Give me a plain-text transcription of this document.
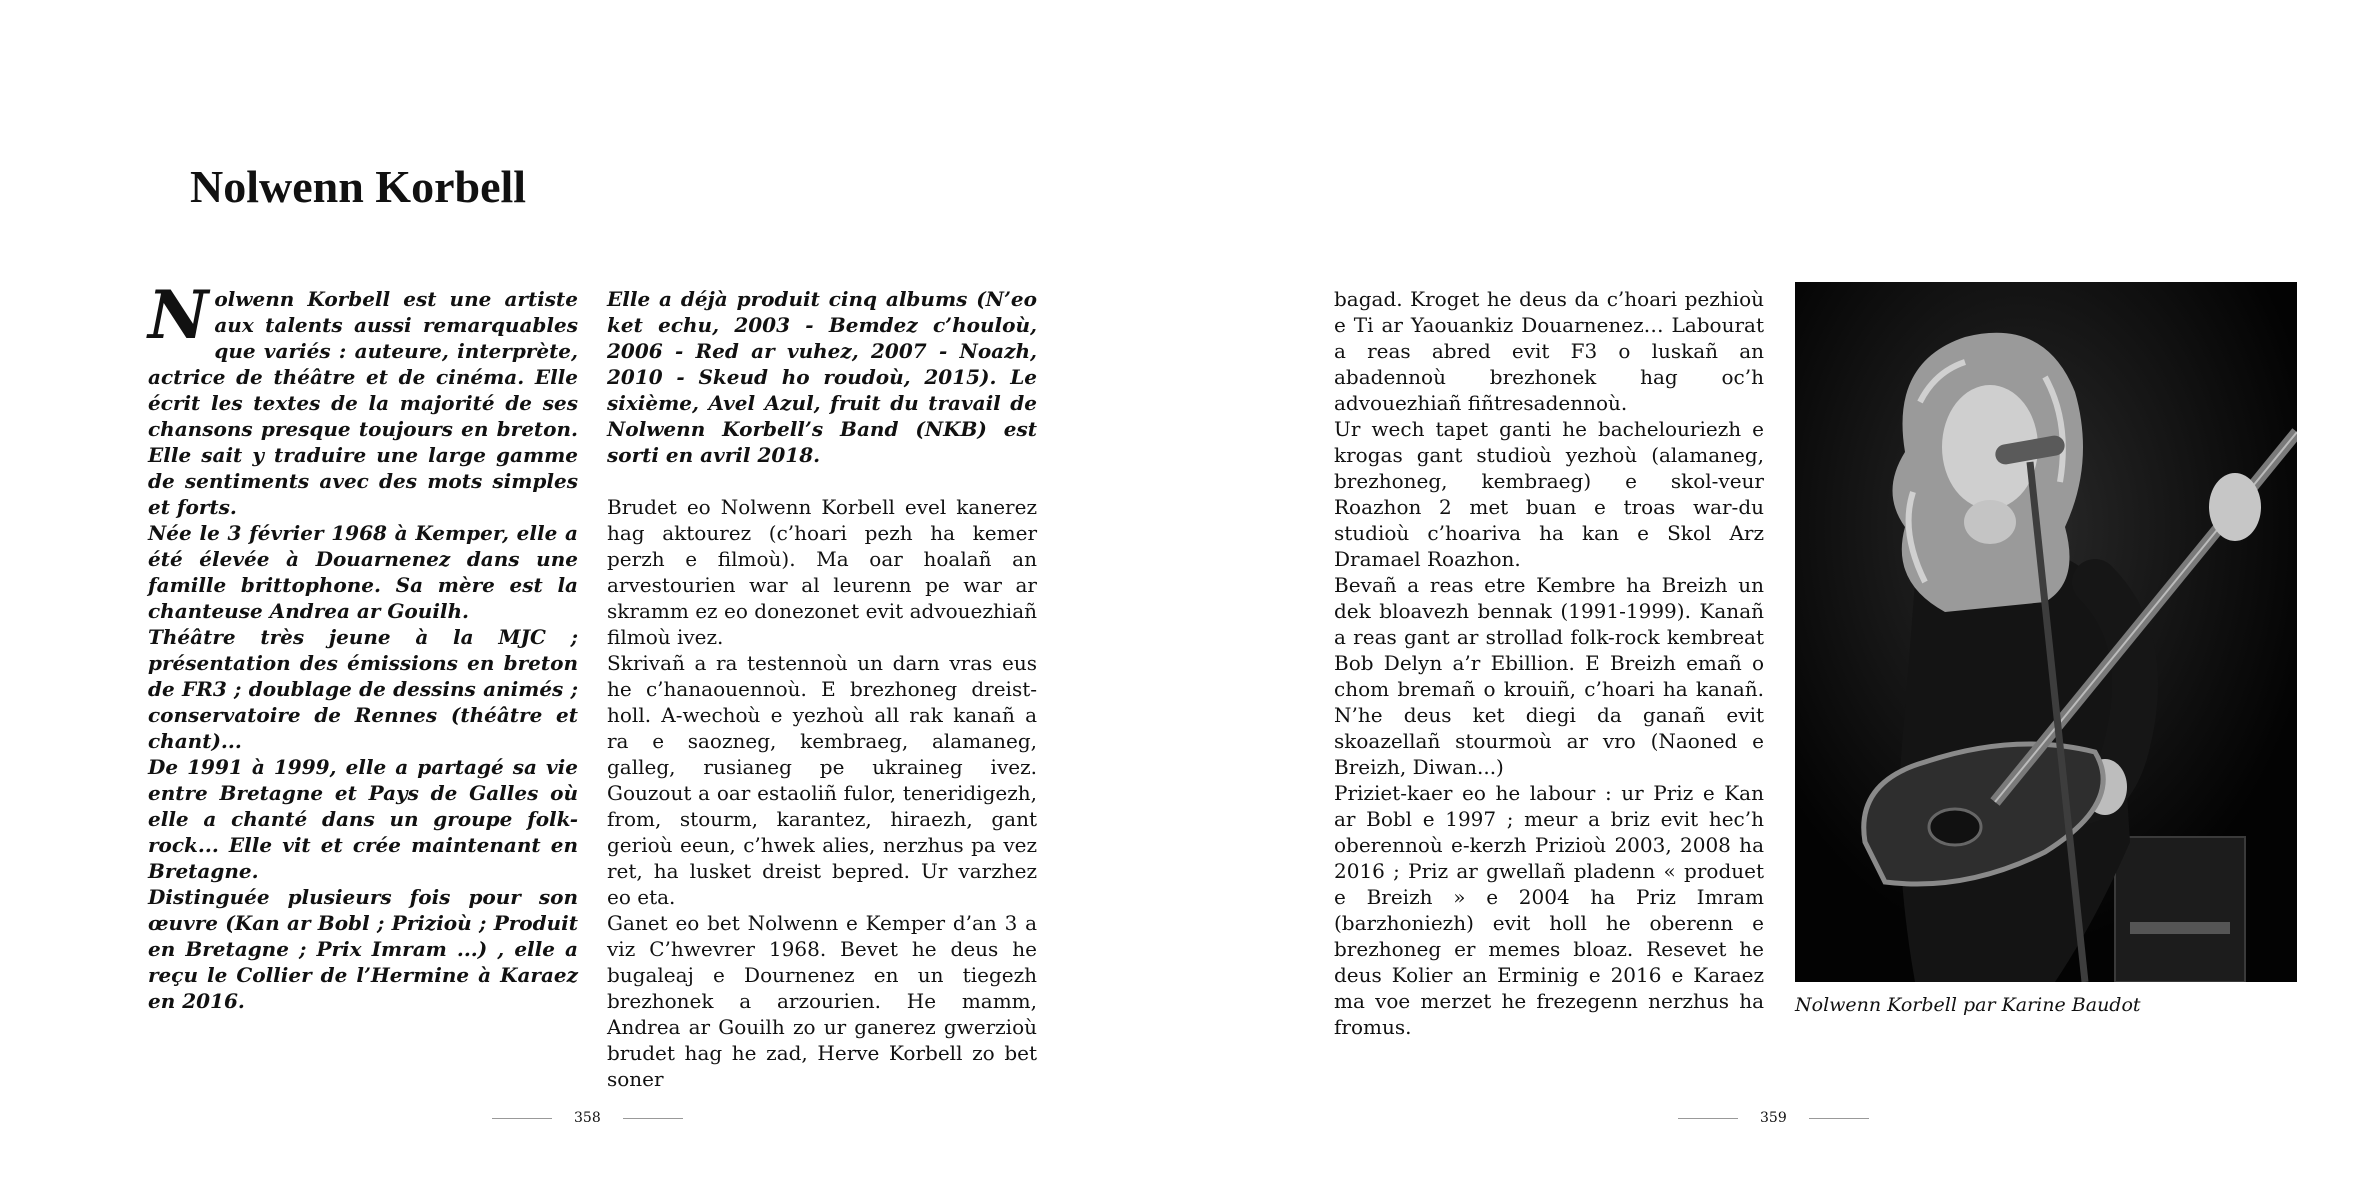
Nolwenn Korbell
N olwenn Korbell est une artiste aux talents aussi remarquables que variés : auteure, interprète, actrice de théâtre et de cinéma. Elle écrit les textes de la majorité de ses chansons presque toujours en breton. Elle sait y traduire une large gamme de sentiments avec des mots simples et forts.

Née le 3 février 1968 à Kemper, elle a été élevée à Douarnenez dans une famille brittophone. Sa mère est la chanteuse Andrea ar Gouilh.

Théâtre très jeune à la MJC ; présentation des émissions en breton de FR3 ; doublage de dessins animés ; conservatoire de Rennes (théâtre et chant)...

De 1991 à 1999, elle a partagé sa vie entre Bretagne et Pays de Galles où elle a chanté dans un groupe folk-rock... Elle vit et crée maintenant en Bretagne.

Distinguée plusieurs fois pour son œuvre (Kan ar Bobl ; Prizioù ; Produit en Bretagne ; Prix Imram ...) , elle a reçu le Collier de l’Hermine à Karaez en 2016.

Elle a déjà produit cinq albums (N’eo ket echu, 2003 - Bemdez c’houloù, 2006 - Red ar vuhez, 2007 - Noazh, 2010 - Skeud ho roudoù, 2015). Le sixième, Avel Azul, fruit du travail de Nolwenn Korbell’s Band (NKB) est sorti en avril 2018.

Brudet eo Nolwenn Korbell evel kanerez hag aktourez (c’hoari pezh ha kemer perzh e filmoù). Ma oar hoalañ an arvestourien war al leurenn pe war ar skramm ez eo donezonet evit advouezhiañ filmoù ivez.

Skrivañ a ra testennoù un darn vras eus he c’hanaouennoù. E brezhoneg dreist-holl. A-wechoù e yezhoù all rak kanañ a ra e saozneg, kembraeg, alamaneg, galleg, rusianeg pe ukraineg ivez. Gouzout a oar estaoliñ fulor, teneridigezh, from, stourm, karantez, hiraezh, gant gerioù eeun, c’hwek alies, nerzhus pa vez ret, ha lusket dreist bepred. Ur varzhez eo eta.

Ganet eo bet Nolwenn e Kemper d’an 3 a viz C’hwevrer 1968. Bevet he deus he bugaleaj e Dournenez en un tiegezh brezhonek a arzourien. He mamm, Andrea ar Gouilh zo ur ganerez gwerzioù brudet hag he zad, Herve Korbell zo bet soner

bagad. Kroget he deus da c’hoari pezhioù e Ti ar Yaouankiz Douarnenez… Labourat a reas abred evit F3 o luskañ an abadennoù brezhonek hag oc’h advouezhiañ fiñtresadennoù.

Ur wech tapet ganti he bachelouriezh e krogas gant studioù yezhoù (alamaneg, brezhoneg, kembraeg) e skol-veur Roazhon 2 met buan e troas war-du studioù c’hoariva ha kan e Skol Arz Dramael Roazhon.

Bevañ a reas etre Kembre ha Breizh un dek bloavezh bennak (1991-1999). Kanañ a reas gant ar strollad folk-rock kembreat Bob Delyn a’r Ebillion. E Breizh emañ o chom bremañ o krouiñ, c’hoari ha kanañ. N’he deus ket diegi da ganañ evit skoazellañ stourmoù ar vro (Naoned e Breizh, Diwan...)

Priziet-kaer eo he labour : ur Priz e Kan ar Bobl e 1997 ; meur a briz evit hec’h oberennoù e-kerzh Prizioù 2003, 2008 ha 2016 ; Priz ar gwellañ pladenn « produet e Breizh » e 2004 ha Priz Imram (barzhoniezh) evit holl he oberenn e brezhoneg er memes bloaz. Resevet he deus Kolier an Erminig e 2016 e Karaez ma voe merzet he frezegenn nerzhus ha fromus.

Nolwenn Korbell par Karine Baudot
358	359
